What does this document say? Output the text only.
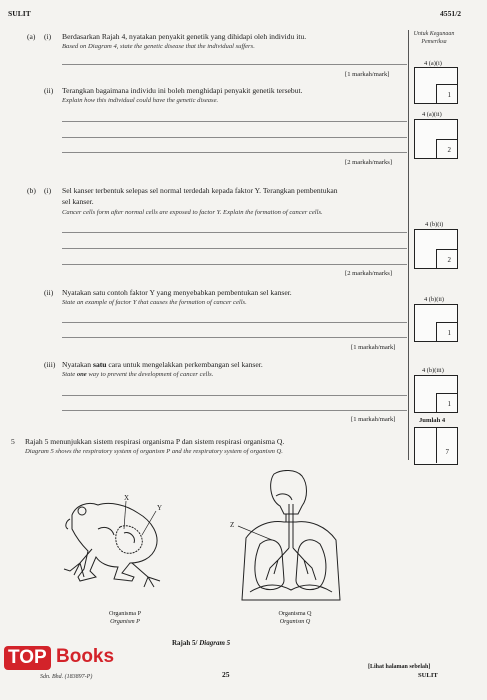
SULIT	4551/2
Untuk Kegunaan Pemeriksa
(a) (i) Berdasarkan Rajah 4, nyatakan penyakit genetik yang dihidapi oleh individu itu.
Based on Diagram 4, state the genetic disease that the individual suffers.
[1 markah/mark]
4 (a)(i)
1
(ii) Terangkan bagaimana individu ini boleh menghidapi penyakit genetik tersebut.
Explain how this individual could have the genetic disease.
[2 markah/marks]
4 (a)(ii)
2
(b) (i) Sel kanser terbentuk selepas sel normal terdedah kepada faktor Y. Terangkan pembentukan
sel kanser.
Cancer cells form after normal cells are exposed to factor Y. Explain the formation of cancer cells.
[2 markah/marks]
4 (b)(i)
2
(ii) Nyatakan satu contoh faktor Y yang menyebabkan pembentukan sel kanser.
State an example of factor Y that causes the formation of cancer cells.
[1 markah/mark]
4 (b)(ii)
1
(iii) Nyatakan satu cara untuk mengelakkan perkembangan sel kanser.
State one way to prevent the development of cancer cells.
[1 markah/mark]
4 (b)(iii)
1
Jumlah 4
7
5 Rajah 5 menunjukkan sistem respirasi organisma P dan sistem respirasi organisma Q.
Diagram 5 shows the respiratory system of organism P and the respiratory system of organism Q.
X
Y
Z
Organisma P
Organism P
Organisma Q
Organism Q
Rajah 5/ Diagram 5
TOP Books
Sdn. Bhd. (183897-P)	25
[Lihat halaman sebelah]
SULIT
